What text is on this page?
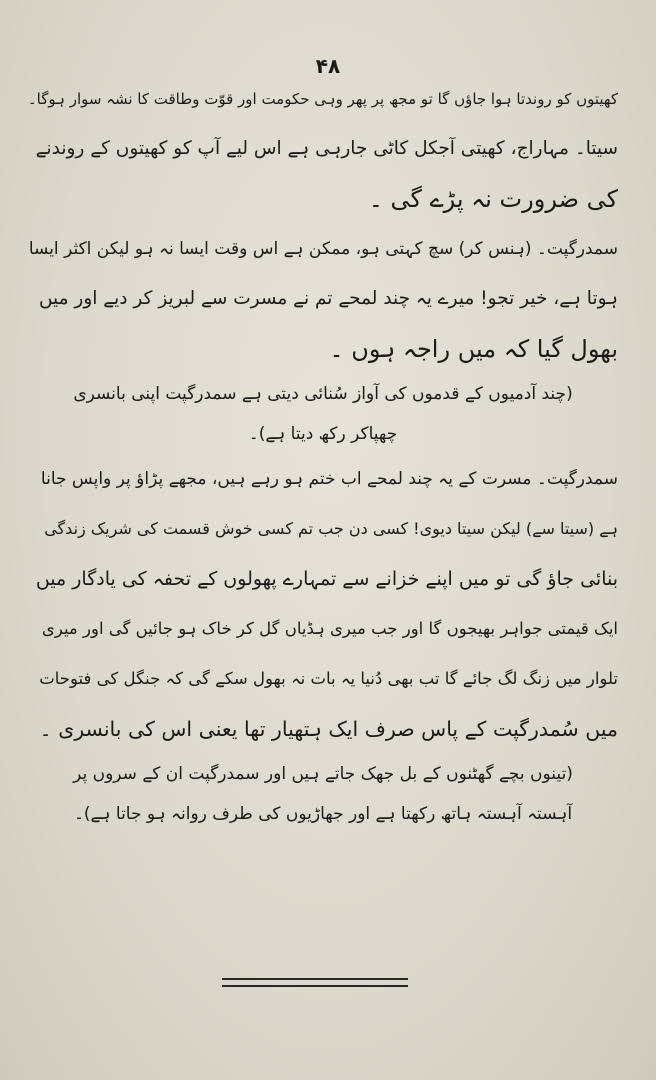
۴۸
کھیتوں کو روندتا ہوا جاؤں گا تو مجھ پر پھر وہی حکومت اور قوّت وطاقت کا نشہ سوار ہوگا۔
سیتا۔ مہاراج، کھیتی آجکل کاٹی جارہی ہے اس لیے آپ کو کھیتوں کے روندنے
کی ضرورت نہ پڑے گی ۔
سمدرگپت۔ (ہنس کر) سچ کہتی ہو، ممکن ہے اس وقت ایسا نہ ہو لیکن اکثر ایسا
ہوتا ہے، خیر تجو! میرے یہ چند لمحے تم نے مسرت سے لبریز کر دیے اور میں
بھول گیا کہ میں راجہ ہوں ۔
(چند آدمیوں کے قدموں کی آواز سُنائی دیتی ہے سمدرگپت اپنی بانسری
چھپاکر رکھ دیتا ہے)۔
سمدرگپت۔ مسرت کے یہ چند لمحے اب ختم ہو رہے ہیں، مجھے پڑاؤ پر واپس جانا
ہے (سیتا سے) لیکن سیتا دیوی! کسی دن جب تم کسی خوش قسمت کی شریک زندگی
بنائی جاؤ گی تو میں اپنے خزانے سے تمہارے پھولوں کے تحفہ کی یادگار میں
ایک قیمتی جواہر بھیجوں گا اور جب میری ہڈیاں گل کر خاک ہو جائیں گی اور میری
تلوار میں زنگ لگ جائے گا تب بھی دُنیا یہ بات نہ بھول سکے گی کہ جنگل کی فتوحات
میں سُمدرگپت کے پاس صرف ایک ہتھیار تھا یعنی اس کی بانسری ۔
(تینوں بچے گھٹنوں کے بل جھک جاتے ہیں اور سمدرگپت ان کے سروں پر
آہستہ آہستہ ہاتھ رکھتا ہے اور جھاڑیوں کی طرف روانہ ہو جاتا ہے)۔
